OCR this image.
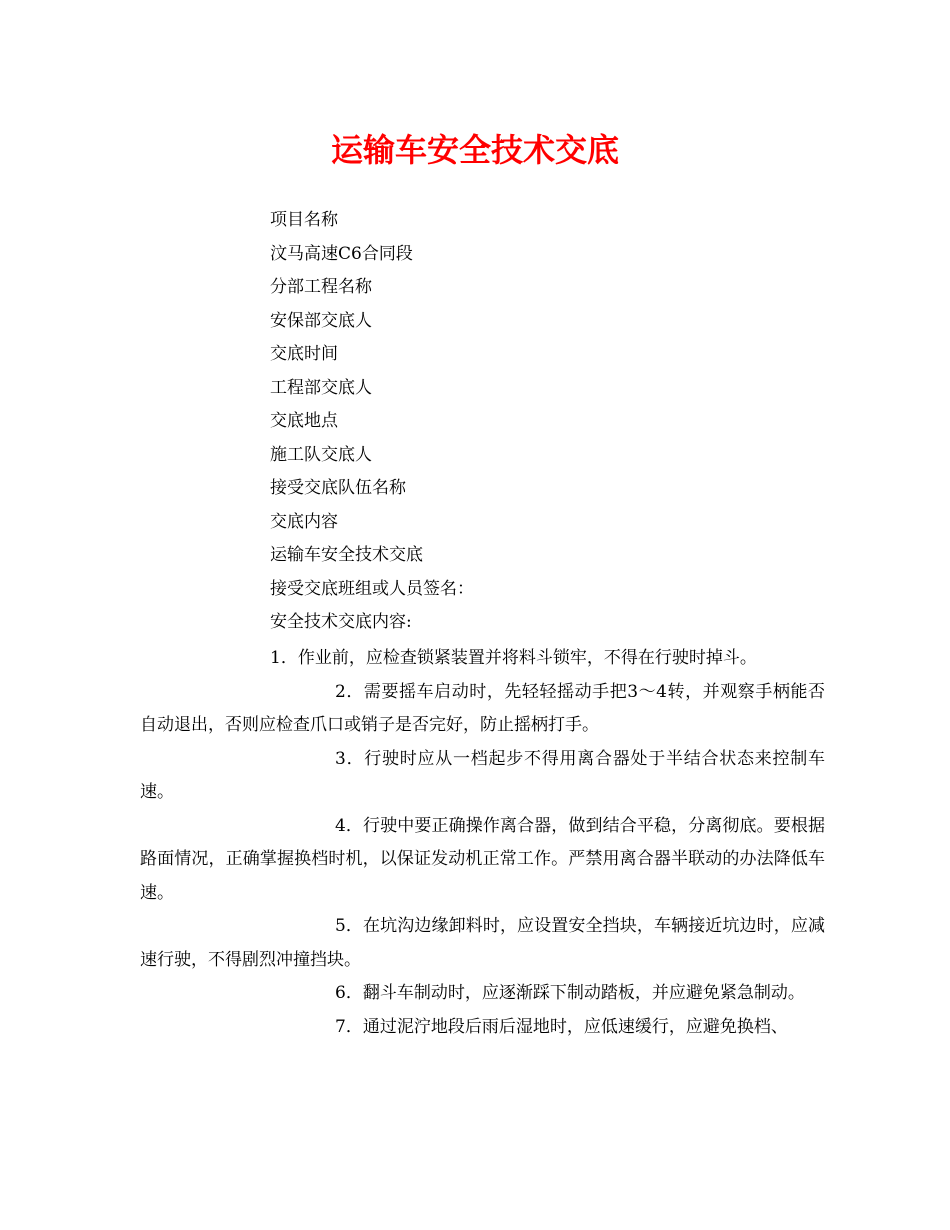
运输车安全技术交底
项目名称
汶马高速C6合同段
分部工程名称
安保部交底人
交底时间
工程部交底人
交底地点
施工队交底人
接受交底队伍名称
交底内容
运输车安全技术交底
接受交底班组或人员签名：
安全技术交底内容:

1．作业前，应检查锁紧装置并将料斗锁牢，不得在行驶时掉斗。

2．需要摇车启动时，先轻轻摇动手把3～4转，并观察手柄能否自动退出，否则应检查爪口或销子是否完好，防止摇柄打手。

3．行驶时应从一档起步不得用离合器处于半结合状态来控制车速。

4．行驶中要正确操作离合器，做到结合平稳，分离彻底。要根据路面情况，正确掌握换档时机，以保证发动机正常工作。严禁用离合器半联动的办法降低车速。

5．在坑沟边缘卸料时，应设置安全挡块，车辆接近坑边时，应减速行驶，不得剧烈冲撞挡块。

6．翻斗车制动时，应逐渐踩下制动踏板，并应避免紧急制动。

7．通过泥泞地段后雨后湿地时，应低速缓行，应避免换档、
